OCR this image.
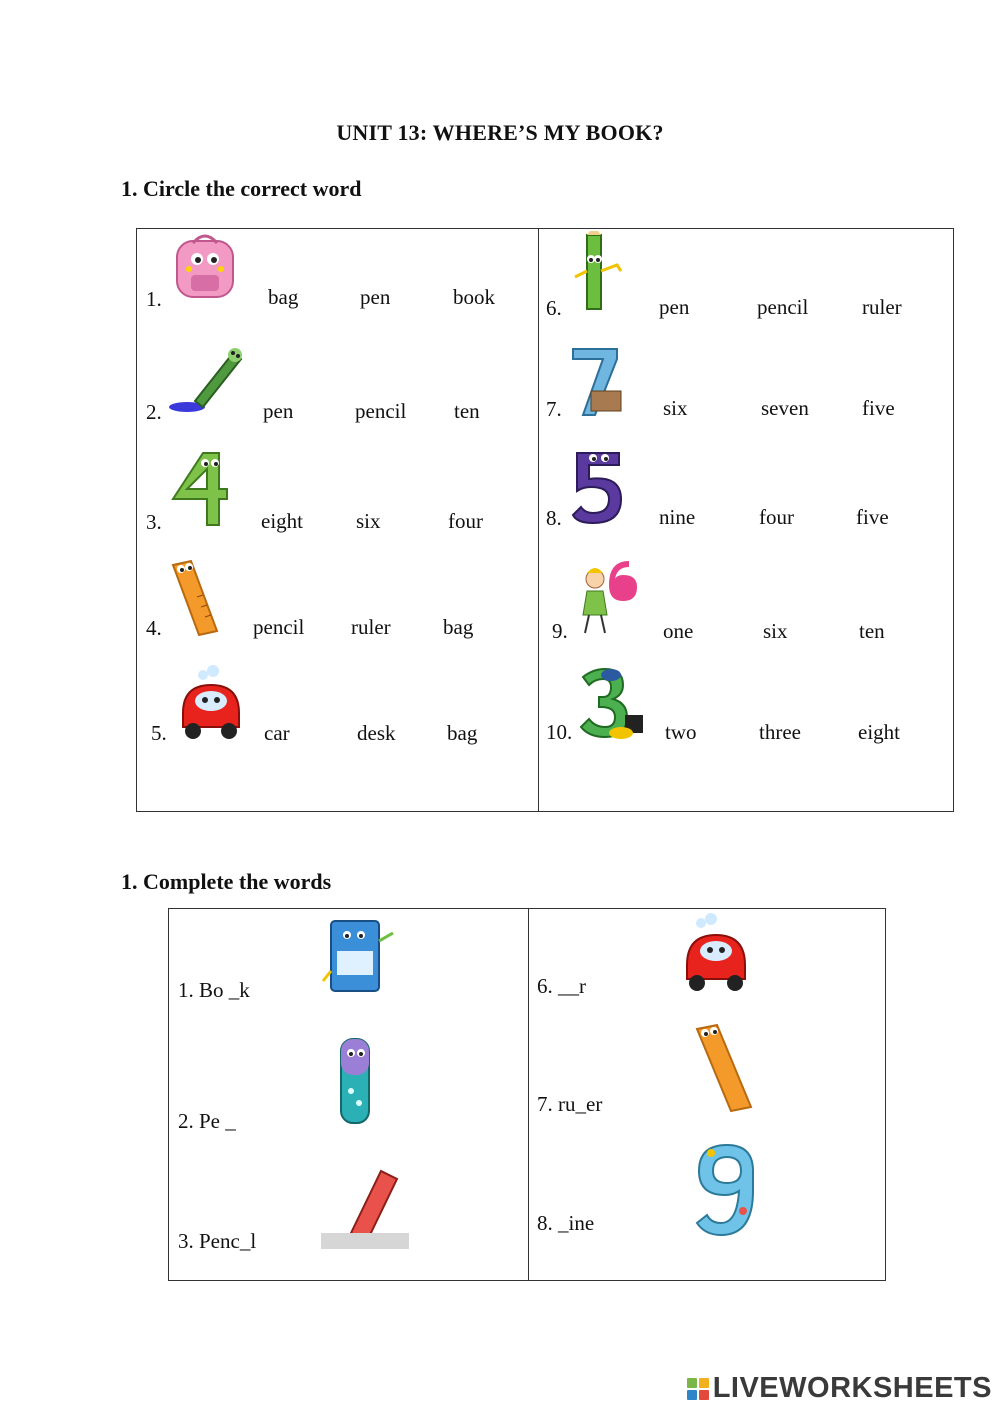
UNIT 13: WHERE’S MY BOOK?
1. Circle the correct word
1.	bag	pen	book
2.	pen	pencil ten
3.	eight	six	four
4.	pencil ruler bag
5.	car	desk bag
6.	pen	pencil	ruler
7.	six	seven	five
8.	nine	four	five
9.	one	six	ten
10.	two	three	eight
1. Complete the words
1. Bo _k
2. Pe _
3. Penc_l
6. __r
7. ru_er
8. _ine
LIVEWORKSHEETS
